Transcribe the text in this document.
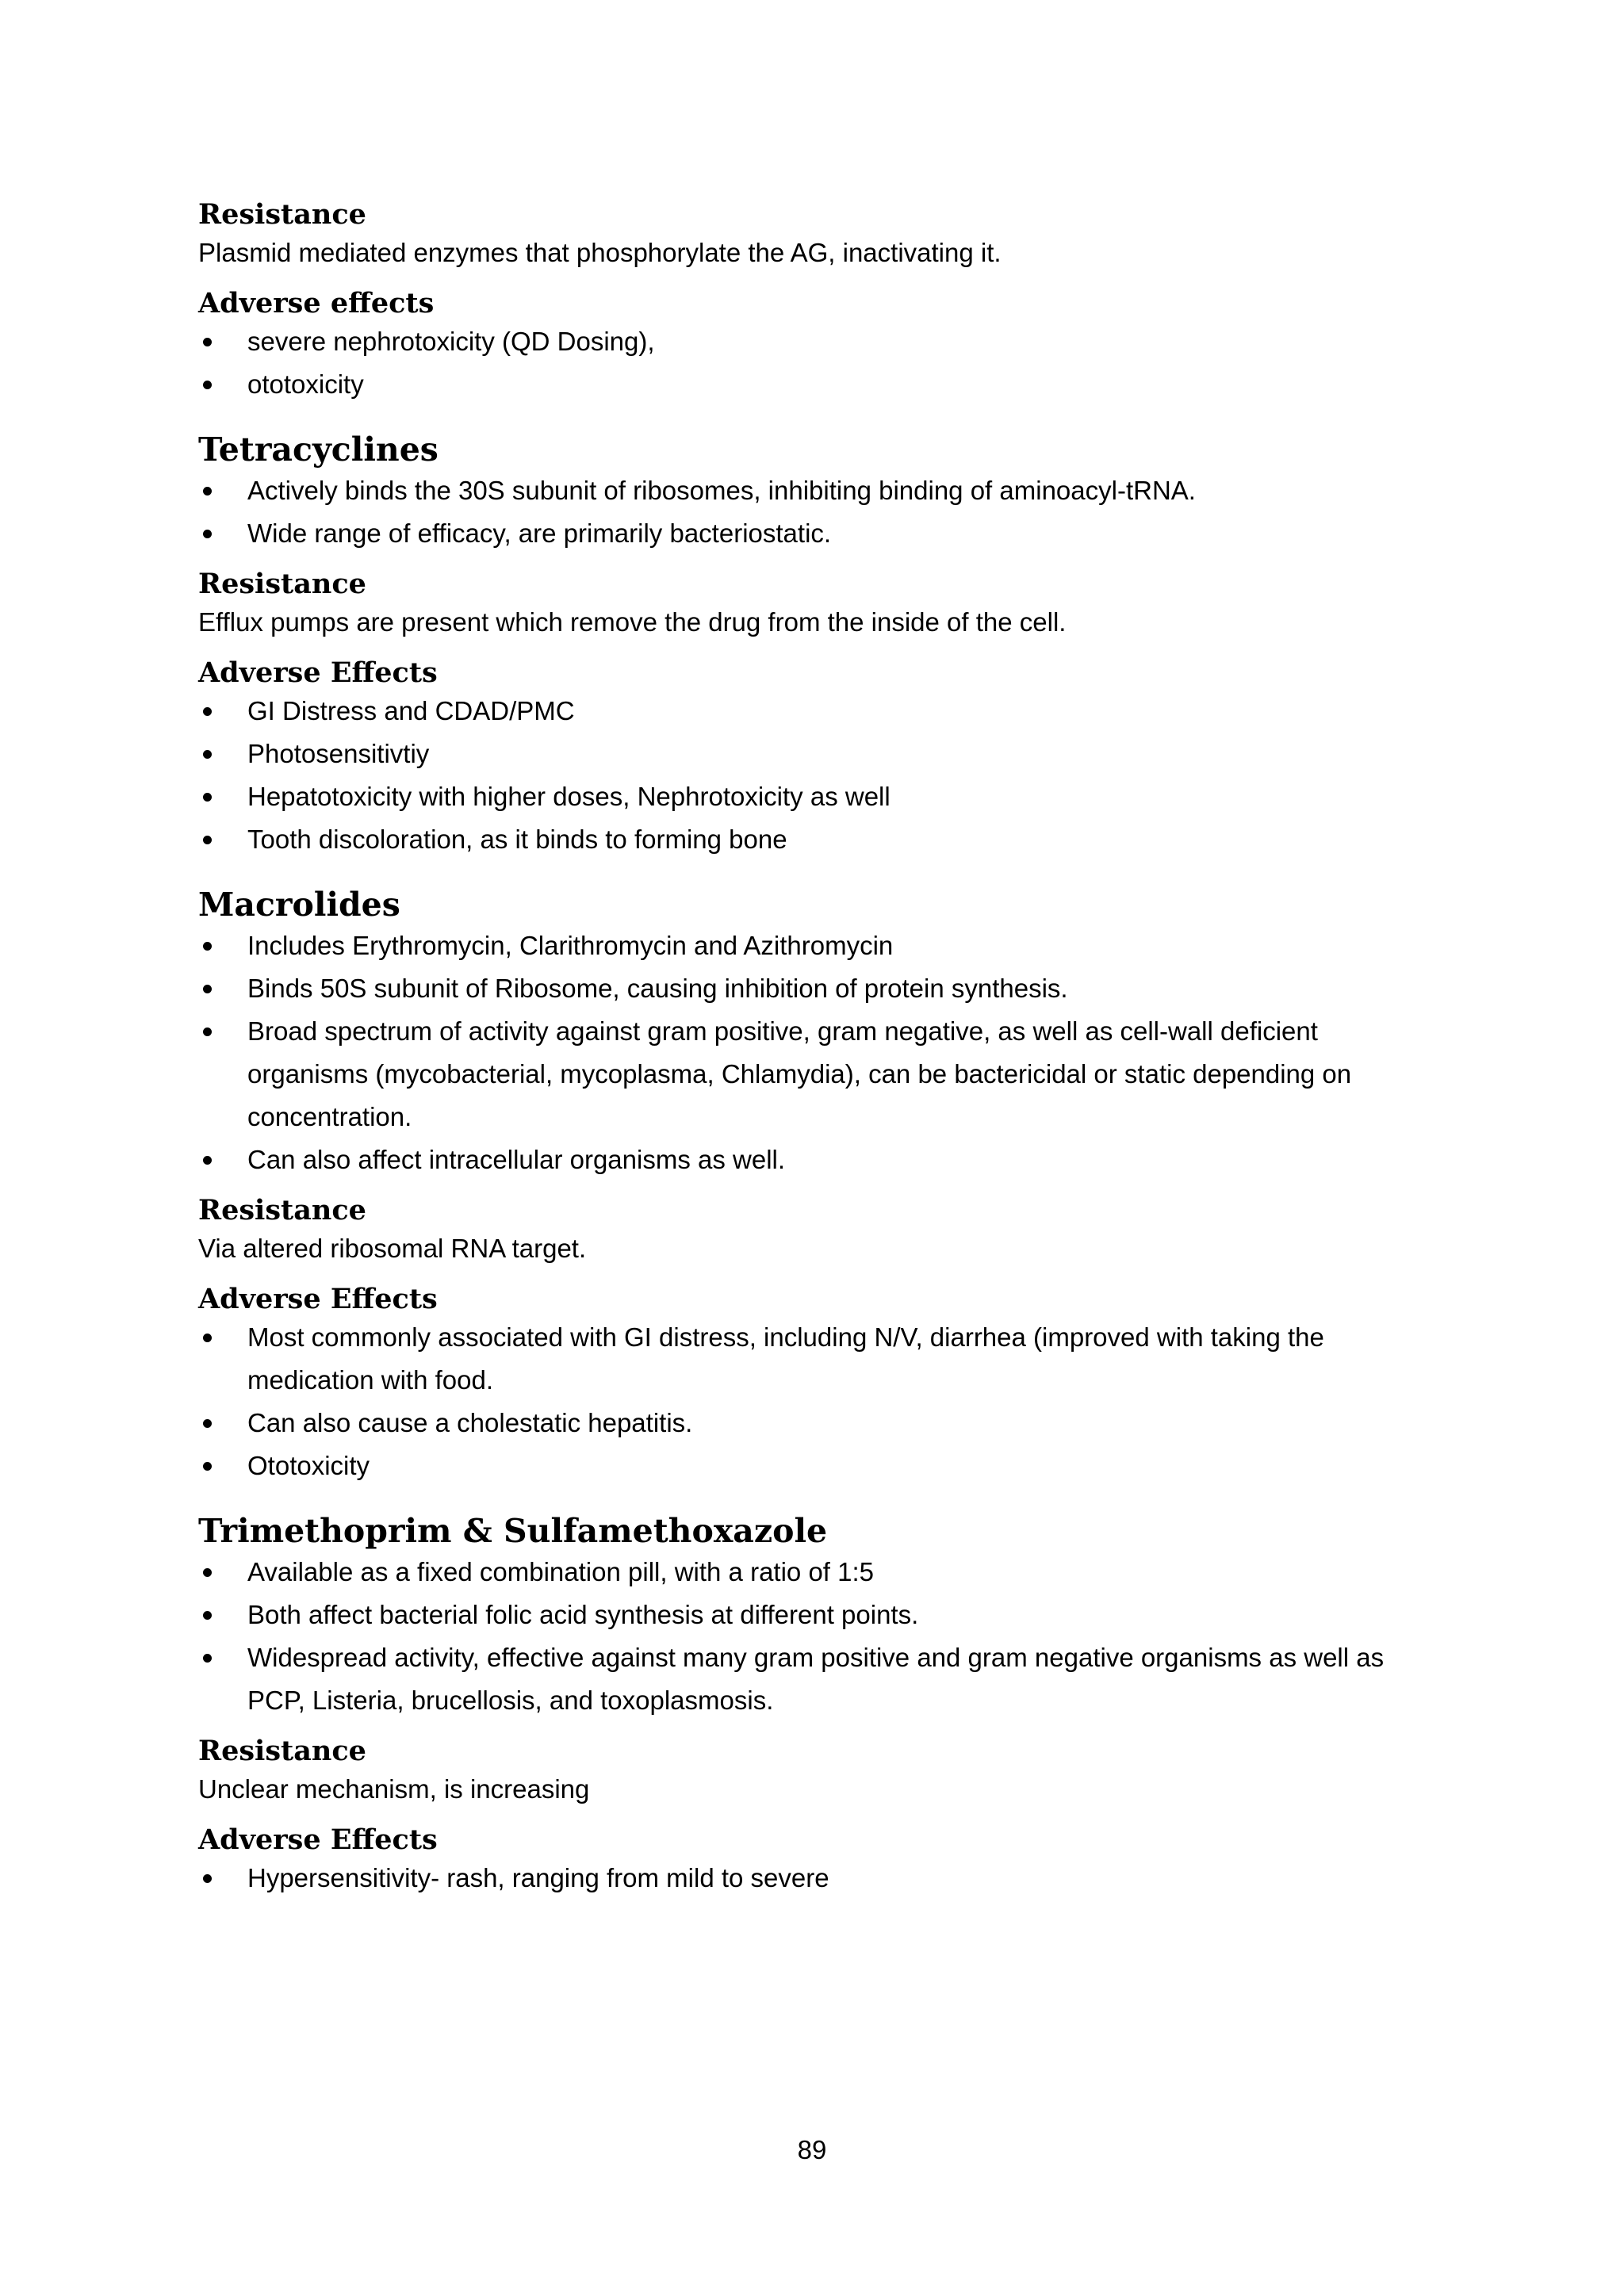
Resistance

Plasmid mediated enzymes that phosphorylate the AG, inactivating it.

Adverse effects

severe nephrotoxicity (QD Dosing),
ototoxicity

Tetracyclines

Actively binds the 30S subunit of ribosomes, inhibiting binding of aminoacyl-tRNA.
Wide range of efficacy, are primarily bacteriostatic.

Resistance

Efflux pumps are present which remove the drug from the inside of the cell.

Adverse Effects

GI Distress and CDAD/PMC
Photosensitivtiy
Hepatotoxicity with higher doses, Nephrotoxicity as well
Tooth discoloration, as it binds to forming bone

Macrolides

Includes Erythromycin, Clarithromycin and Azithromycin
Binds 50S subunit of Ribosome, causing inhibition of protein synthesis.
Broad spectrum of activity against gram positive, gram negative, as well as cell-wall deficient organisms (mycobacterial, mycoplasma, Chlamydia), can be bactericidal or static depending on concentration.
Can also affect intracellular organisms as well.

Resistance

Via altered ribosomal RNA target.

Adverse Effects

Most commonly associated with GI distress, including N/V, diarrhea (improved with taking the medication with food.
Can also cause a cholestatic hepatitis.
Ototoxicity

Trimethoprim & Sulfamethoxazole

Available as a fixed combination pill, with a ratio of 1:5
Both affect bacterial folic acid synthesis at different points.
Widespread activity, effective against many gram positive and gram negative organisms as well as PCP, Listeria, brucellosis, and toxoplasmosis.

Resistance

Unclear mechanism, is increasing

Adverse Effects

Hypersensitivity- rash, ranging from mild to severe
89
